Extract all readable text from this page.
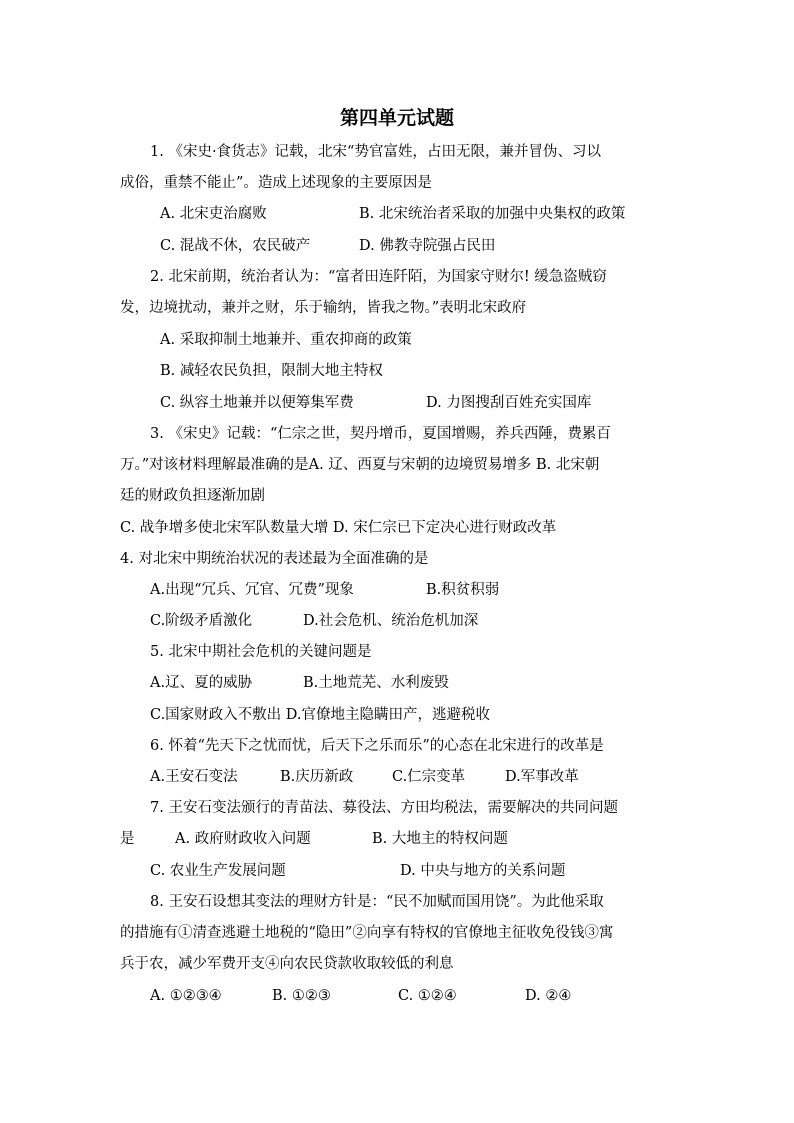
第四单元试题
1. 《宋史·食货志》记载，北宋“势官富姓，占田无限，兼并冒伪、习以
成俗，重禁不能止”。造成上述现象的主要原因是
A. 北宋吏治腐败	B. 北宋统治者采取的加强中央集权的政策
C. 混战不休，农民破产	D. 佛教寺院强占民田
2. 北宋前期，统治者认为：“富者田连阡陌，为国家守财尔! 缓急盗贼窃
发，边境扰动，兼并之财，乐于输纳，皆我之物。”表明北宋政府
A. 采取抑制土地兼并、重农抑商的政策
B. 减轻农民负担，限制大地主特权
C. 纵容土地兼并以便筹集军费	D. 力图搜刮百姓充实国库
3. 《宋史》记载：“仁宗之世，契丹增币，夏国增赐，养兵西陲，费累百
万。”对该材料理解最准确的是A. 辽、西夏与宋朝的边境贸易增多 B. 北宋朝
廷的财政负担逐渐加剧
C. 战争增多使北宋军队数量大增 D. 宋仁宗已下定决心进行财政改革
4. 对北宋中期统治状况的表述最为全面准确的是
A.出现“冗兵、冗官、冗费”现象	B.积贫积弱
C.阶级矛盾激化	D.社会危机、统治危机加深
5. 北宋中期社会危机的关键问题是
A.辽、夏的威胁	B.土地荒芜、水利废毁
C.国家财政入不敷出 D.官僚地主隐瞒田产，逃避税收
6. 怀着“先天下之忧而忧，后天下之乐而乐”的心态在北宋进行的改革是
A.王安石变法	B.庆历新政	C.仁宗变革	D.军事改革
7. 王安石变法颁行的青苗法、募役法、方田均税法，需要解决的共同问题
是	A. 政府财政收入问题	B. 大地主的特权问题
C. 农业生产发展问题	D. 中央与地方的关系问题
8. 王安石设想其变法的理财方针是：“民不加赋而国用饶”。为此他采取
的措施有①清查逃避土地税的“隐田”②向享有特权的官僚地主征收免役钱③寓
兵于农，减少军费开支④向农民贷款收取较低的利息
A. ①②③④	B. ①②③	C. ①②④	D. ②④
